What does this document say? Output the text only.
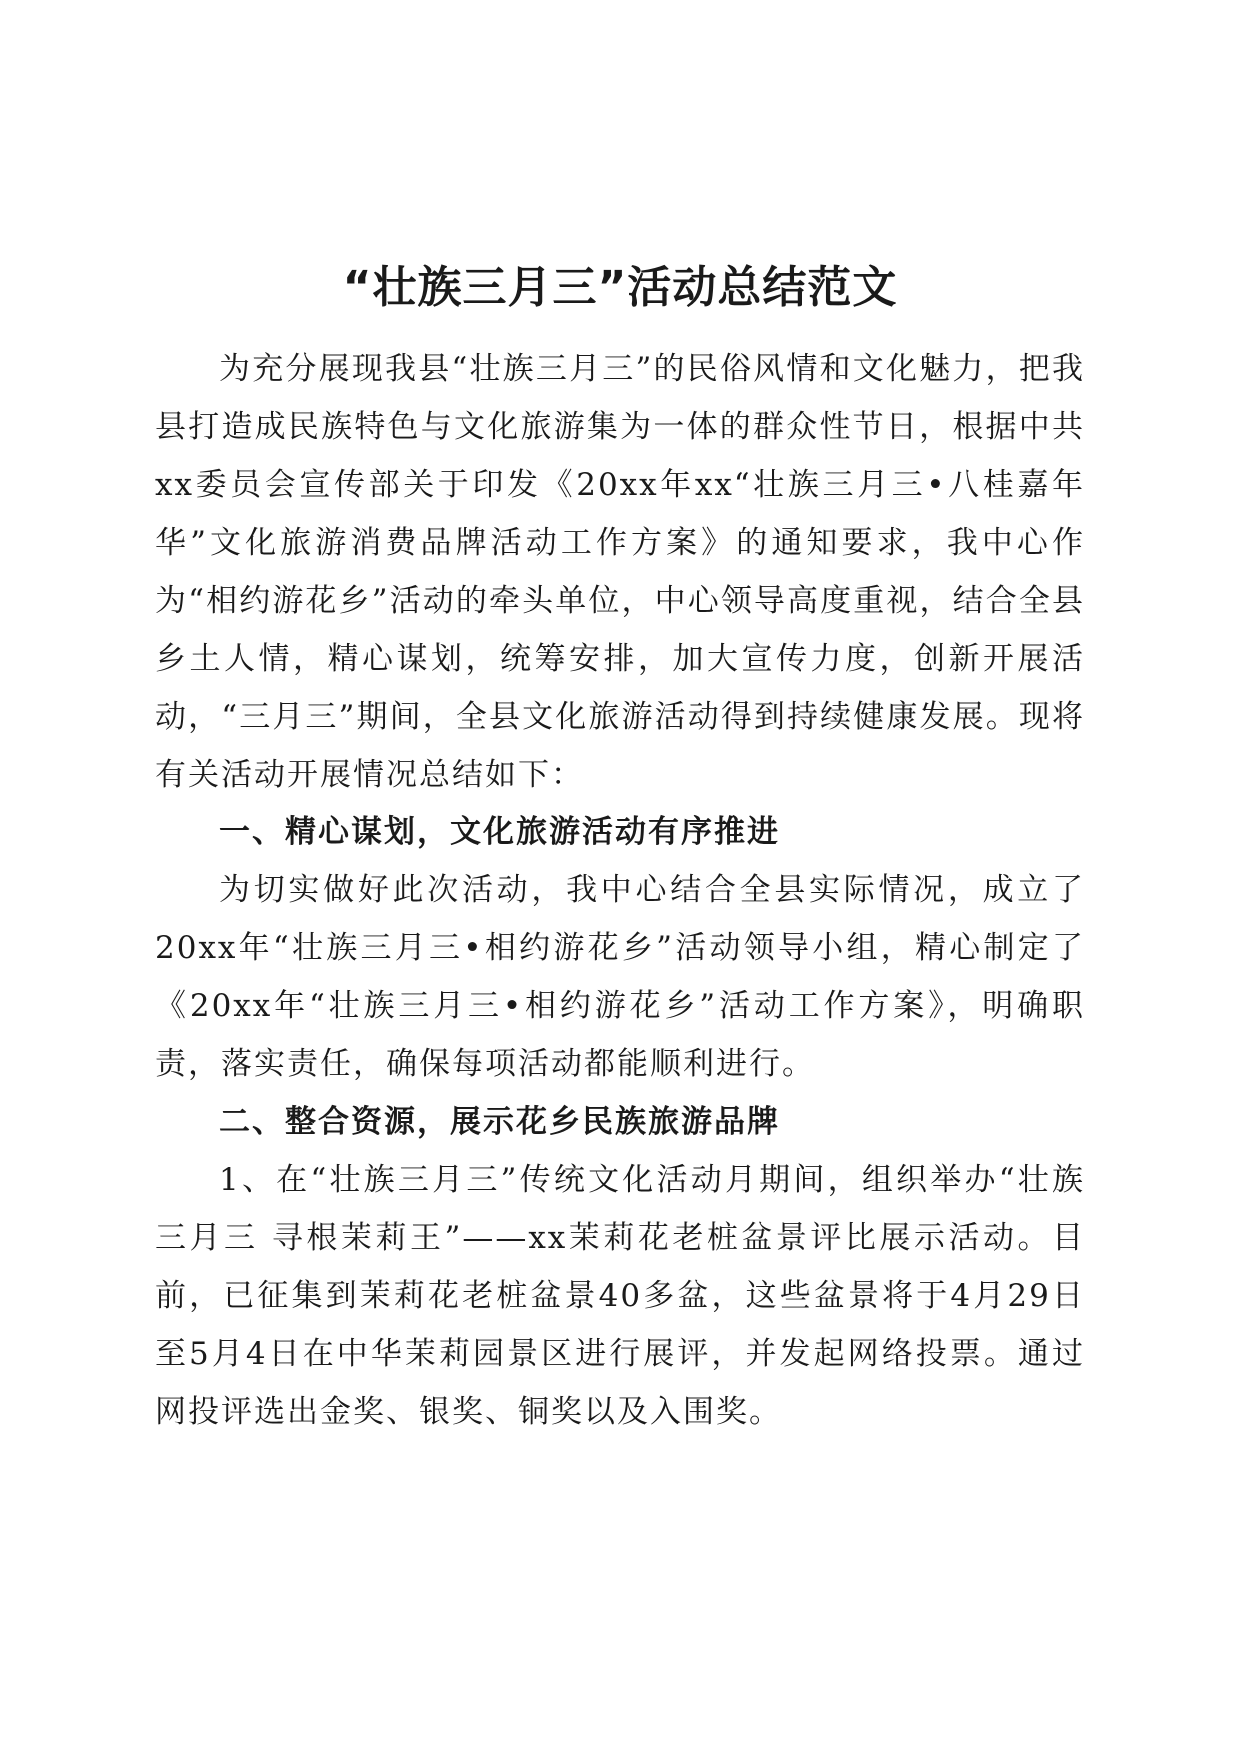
“壮族三月三”活动总结范文

为充分展现我县“壮族三月三”的民俗风情和文化魅力，把我县打造成民族特色与文化旅游集为一体的群众性节日，根据中共xx委员会宣传部关于印发《20xx年xx“壮族三月三•八桂嘉年华”文化旅游消费品牌活动工作方案》的通知要求，我中心作为“相约游花乡”活动的牵头单位，中心领导高度重视，结合全县乡土人情，精心谋划，统筹安排，加大宣传力度，创新开展活动，“三月三”期间，全县文化旅游活动得到持续健康发展。现将有关活动开展情况总结如下：

一、精心谋划，文化旅游活动有序推进

为切实做好此次活动，我中心结合全县实际情况，成立了20xx年“壮族三月三•相约游花乡”活动领导小组，精心制定了《20xx年“壮族三月三•相约游花乡”活动工作方案》，明确职责，落实责任，确保每项活动都能顺利进行。

二、整合资源，展示花乡民族旅游品牌

1、在“壮族三月三”传统文化活动月期间，组织举办“壮族三月三 寻根茉莉王”——xx茉莉花老桩盆景评比展示活动。目前，已征集到茉莉花老桩盆景40多盆，这些盆景将于4月29日至5月4日在中华茉莉园景区进行展评，并发起网络投票。通过网投评选出金奖、银奖、铜奖以及入围奖。
